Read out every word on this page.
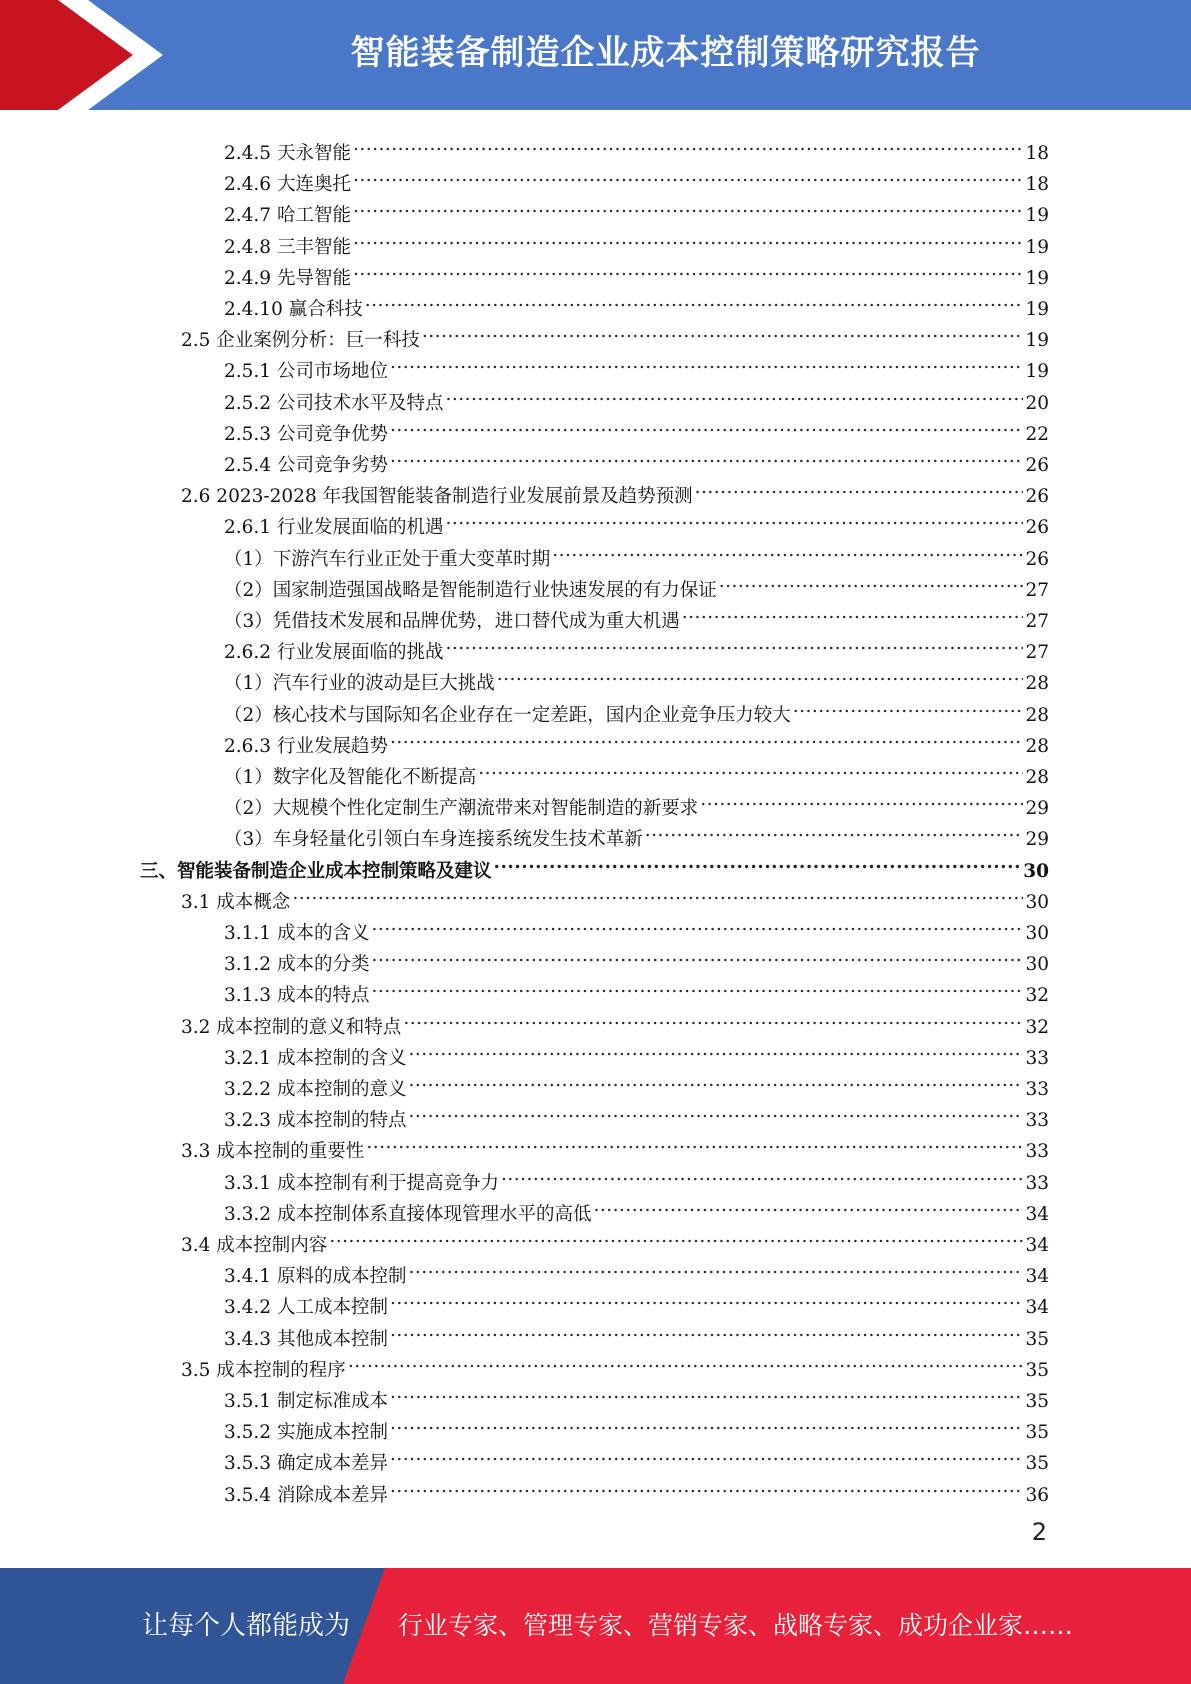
智能装备制造企业成本控制策略研究报告
2.4.5 天永智能 .....	18
2.4.6 大连奥托 .....	18
2.4.7 哈工智能 .....	19
2.4.8 三丰智能 .....	19
2.4.9 先导智能 .....	19
2.4.10 赢合科技 .....	19
2.5 企业案例分析：巨一科技 .....	19
2.5.1 公司市场地位 .....	19
2.5.2 公司技术水平及特点 .....	20
2.5.3 公司竞争优势 .....	22
2.5.4 公司竞争劣势 .....	26
2.6 2023-2028 年我国智能装备制造行业发展前景及趋势预测 .....	26
2.6.1 行业发展面临的机遇 .....	26
（1）下游汽车行业正处于重大变革时期 .....	26
（2）国家制造强国战略是智能制造行业快速发展的有力保证 .....	27
（3）凭借技术发展和品牌优势，进口替代成为重大机遇 .....	27
2.6.2 行业发展面临的挑战 .....	27
（1）汽车行业的波动是巨大挑战 .....	28
（2）核心技术与国际知名企业存在一定差距，国内企业竞争压力较大 .....	28
2.6.3 行业发展趋势 .....	28
（1）数字化及智能化不断提高 .....	28
（2）大规模个性化定制生产潮流带来对智能制造的新要求 .....	29
（3）车身轻量化引领白车身连接系统发生技术革新 .....	29
三、智能装备制造企业成本控制策略及建议 .....	30
3.1 成本概念 .....	30
3.1.1 成本的含义 .....	30
3.1.2 成本的分类 .....	30
3.1.3 成本的特点 .....	32
3.2 成本控制的意义和特点 .....	32
3.2.1 成本控制的含义 .....	33
3.2.2 成本控制的意义 .....	33
3.2.3 成本控制的特点 .....	33
3.3 成本控制的重要性 .....	33
3.3.1 成本控制有利于提高竞争力 .....	33
3.3.2 成本控制体系直接体现管理水平的高低 .....	34
3.4 成本控制内容 .....	34
3.4.1 原料的成本控制 .....	34
3.4.2 人工成本控制 .....	34
3.4.3 其他成本控制 .....	35
3.5 成本控制的程序 .....	35
3.5.1 制定标准成本 .....	35
3.5.2 实施成本控制 .....	35
3.5.3 确定成本差异 .....	35
3.5.4 消除成本差异 .....	36
2
让每个人都能成为 行业专家、管理专家、营销专家、战略专家、成功企业家……
